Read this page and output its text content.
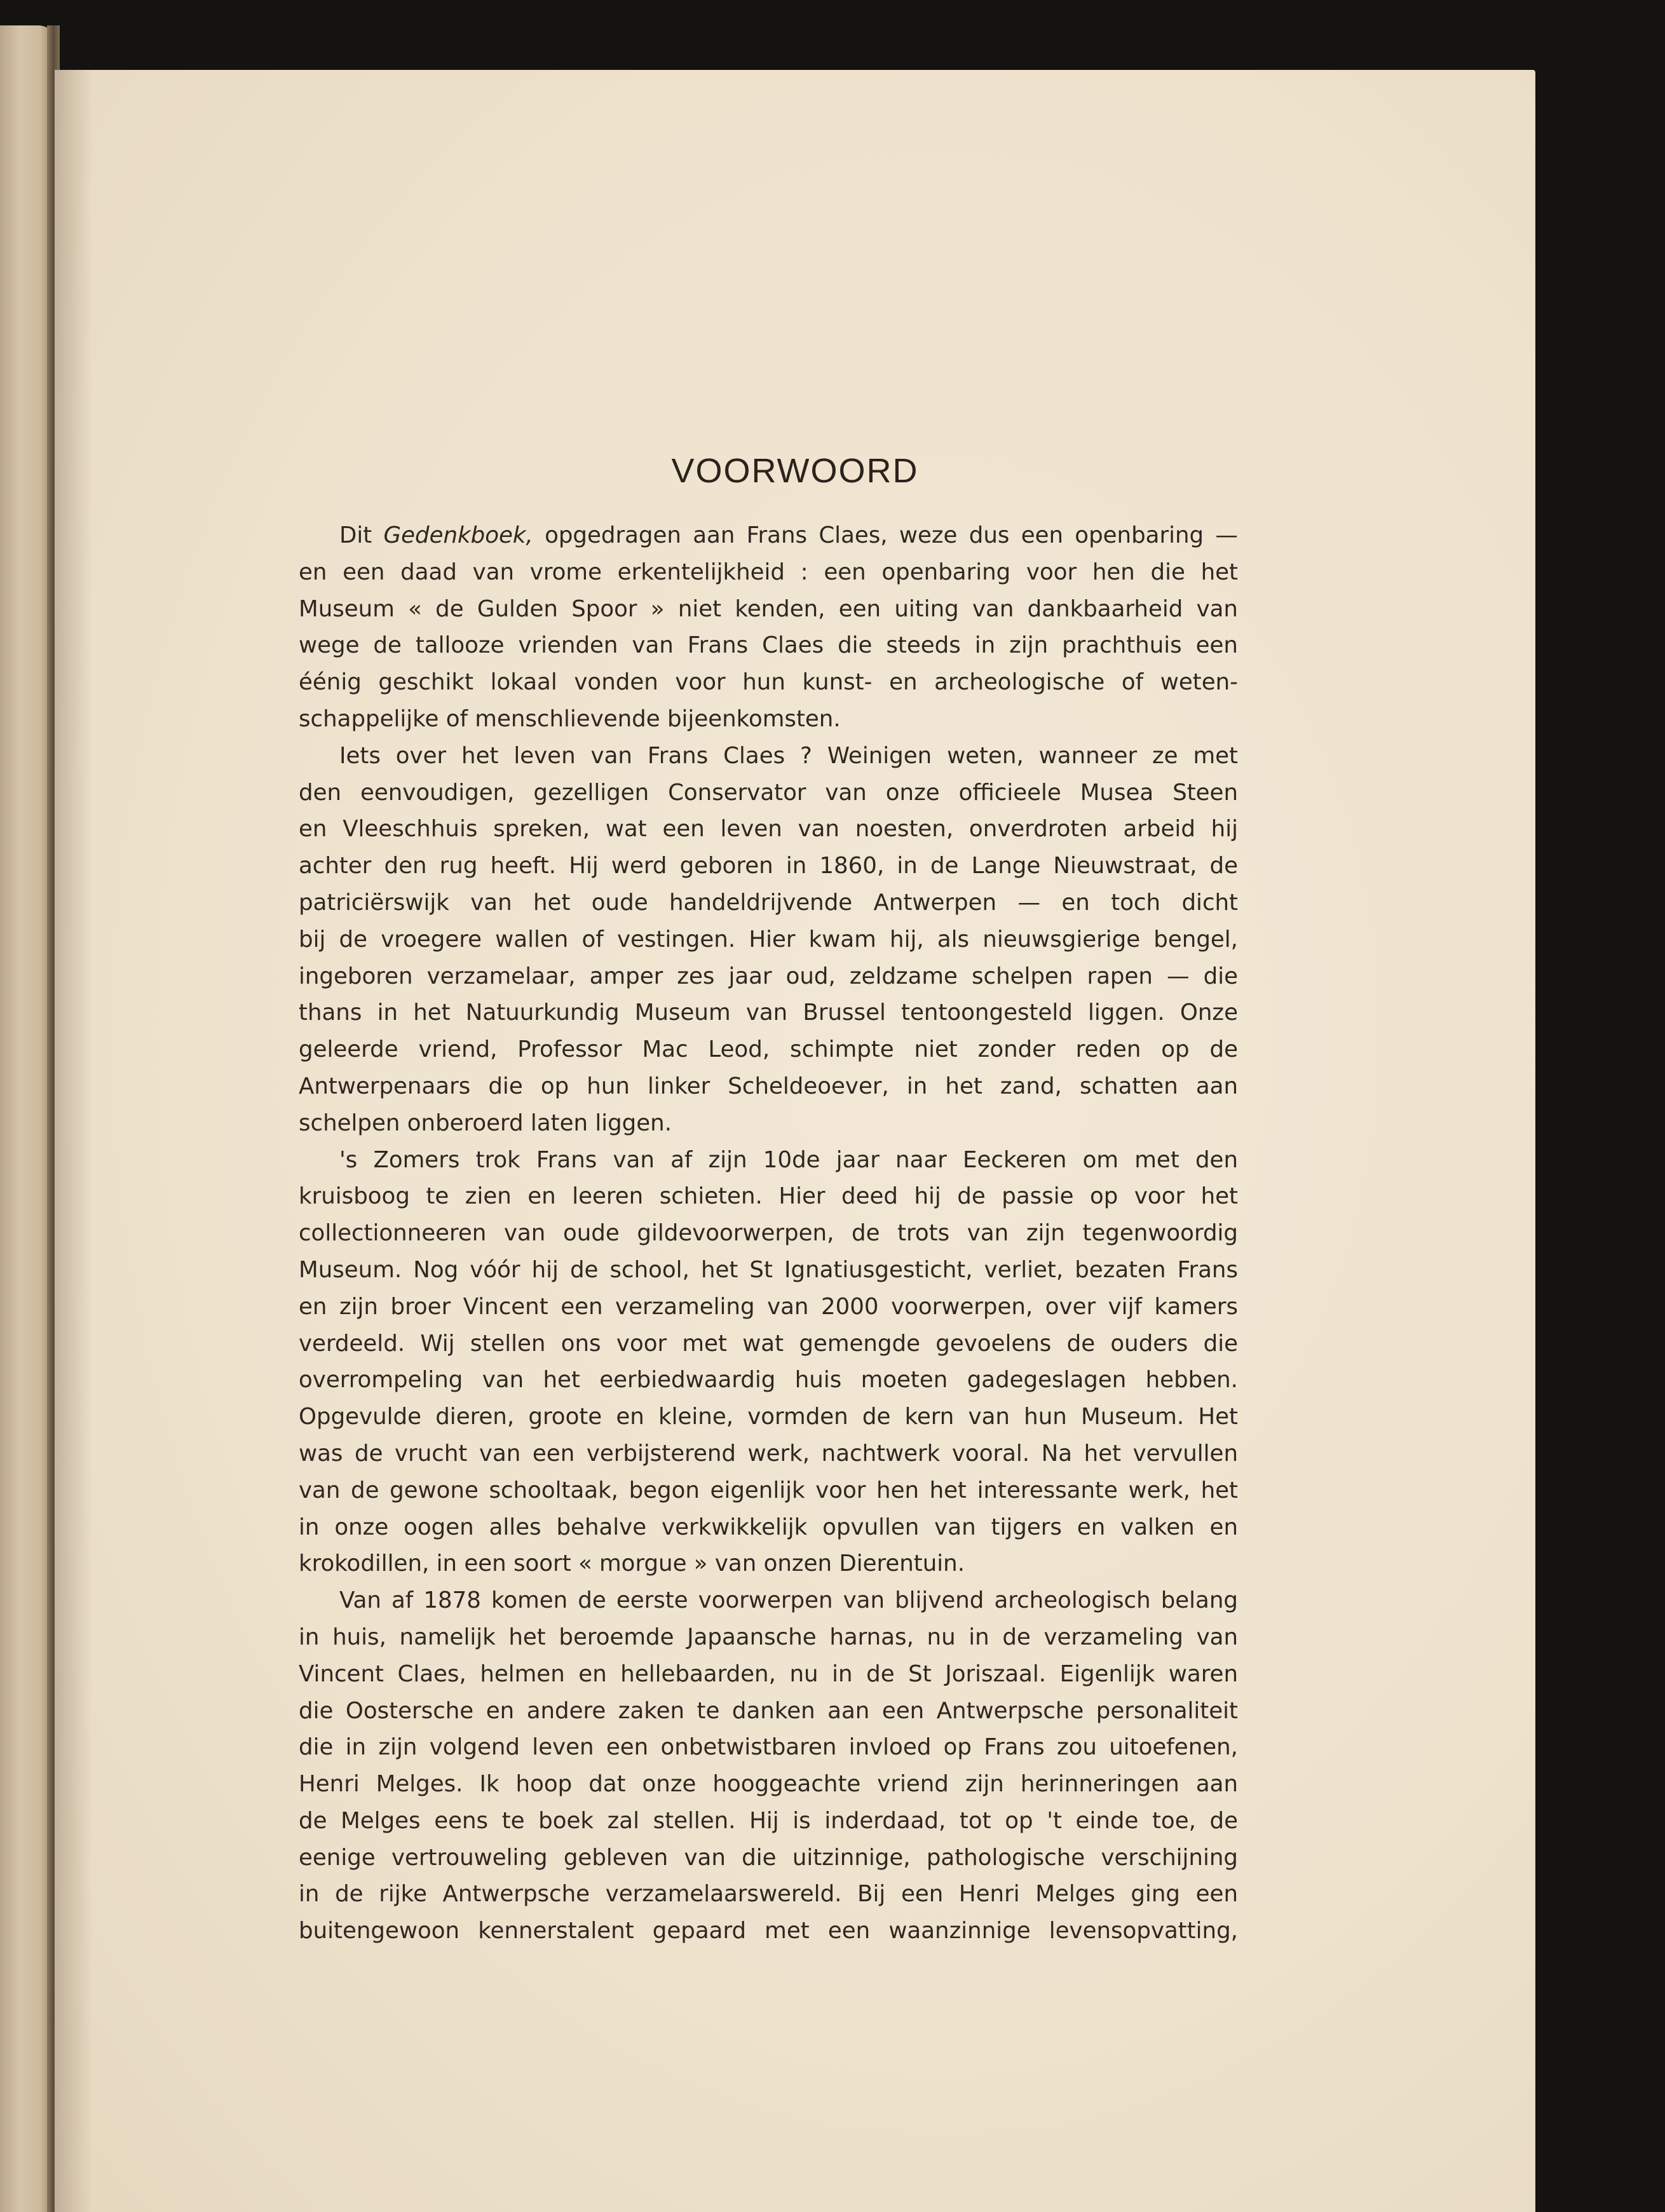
VOORWOORD
Dit Gedenkboek, opgedragen aan Frans Claes, weze dus een openbaring —
en een daad van vrome erkentelijkheid : een openbaring voor hen die het
Museum « de Gulden Spoor » niet kenden, een uiting van dankbaarheid van
wege de tallooze vrienden van Frans Claes die steeds in zijn prachthuis een
éénig geschikt lokaal vonden voor hun kunst- en archeologische of weten-
schappelijke of menschlievende bijeenkomsten.
Iets over het leven van Frans Claes ? Weinigen weten, wanneer ze met
den eenvoudigen, gezelligen Conservator van onze officieele Musea Steen
en Vleeschhuis spreken, wat een leven van noesten, onverdroten arbeid hij
achter den rug heeft. Hij werd geboren in 1860, in de Lange Nieuwstraat, de
patriciërswijk van het oude handeldrijvende Antwerpen — en toch dicht
bij de vroegere wallen of vestingen. Hier kwam hij, als nieuwsgierige bengel,
ingeboren verzamelaar, amper zes jaar oud, zeldzame schelpen rapen — die
thans in het Natuurkundig Museum van Brussel tentoongesteld liggen. Onze
geleerde vriend, Professor Mac Leod, schimpte niet zonder reden op de
Antwerpenaars die op hun linker Scheldeoever, in het zand, schatten aan
schelpen onberoerd laten liggen.
's Zomers trok Frans van af zijn 10de jaar naar Eeckeren om met den
kruisboog te zien en leeren schieten. Hier deed hij de passie op voor het
collectionneeren van oude gildevoorwerpen, de trots van zijn tegenwoordig
Museum. Nog vóór hij de school, het St Ignatiusgesticht, verliet, bezaten Frans
en zijn broer Vincent een verzameling van 2000 voorwerpen, over vijf kamers
verdeeld. Wij stellen ons voor met wat gemengde gevoelens de ouders die
overrompeling van het eerbiedwaardig huis moeten gadegeslagen hebben.
Opgevulde dieren, groote en kleine, vormden de kern van hun Museum. Het
was de vrucht van een verbijsterend werk, nachtwerk vooral. Na het vervullen
van de gewone schooltaak, begon eigenlijk voor hen het interessante werk, het
in onze oogen alles behalve verkwikkelijk opvullen van tijgers en valken en
krokodillen, in een soort « morgue » van onzen Dierentuin.
Van af 1878 komen de eerste voorwerpen van blijvend archeologisch belang
in huis, namelijk het beroemde Japaansche harnas, nu in de verzameling van
Vincent Claes, helmen en hellebaarden, nu in de St Joriszaal. Eigenlijk waren
die Oostersche en andere zaken te danken aan een Antwerpsche personaliteit
die in zijn volgend leven een onbetwistbaren invloed op Frans zou uitoefenen,
Henri Melges. Ik hoop dat onze hooggeachte vriend zijn herinneringen aan
de Melges eens te boek zal stellen. Hij is inderdaad, tot op 't einde toe, de
eenige vertrouweling gebleven van die uitzinnige, pathologische verschijning
in de rijke Antwerpsche verzamelaarswereld. Bij een Henri Melges ging een
buitengewoon kennerstalent gepaard met een waanzinnige levensopvatting,
